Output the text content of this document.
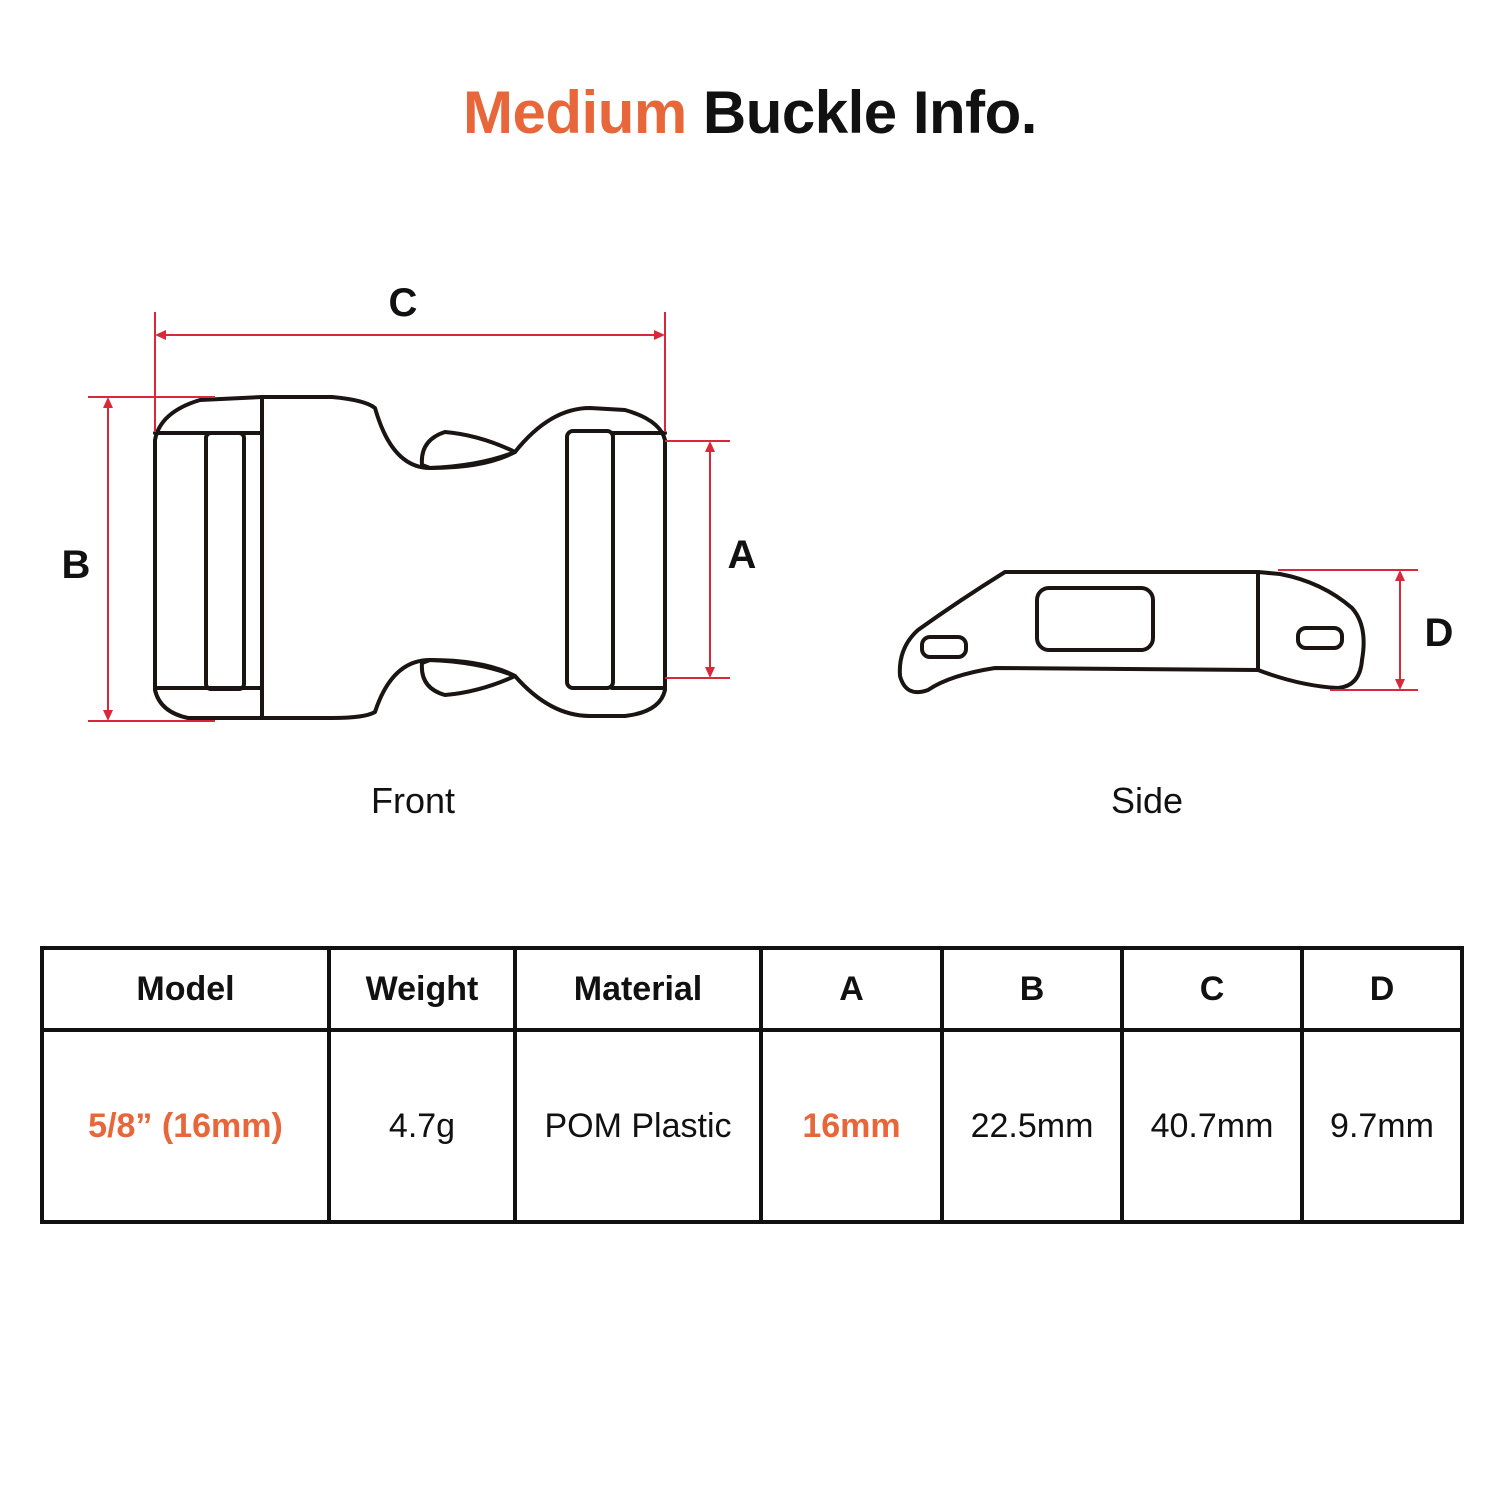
Medium Buckle Info.
C
B	A
D
Front	Side
Model	Weight	Material	A	B	C	D
5/8” (16mm)	4.7g	POM Plastic	16mm	22.5mm	40.7mm	9.7mm
